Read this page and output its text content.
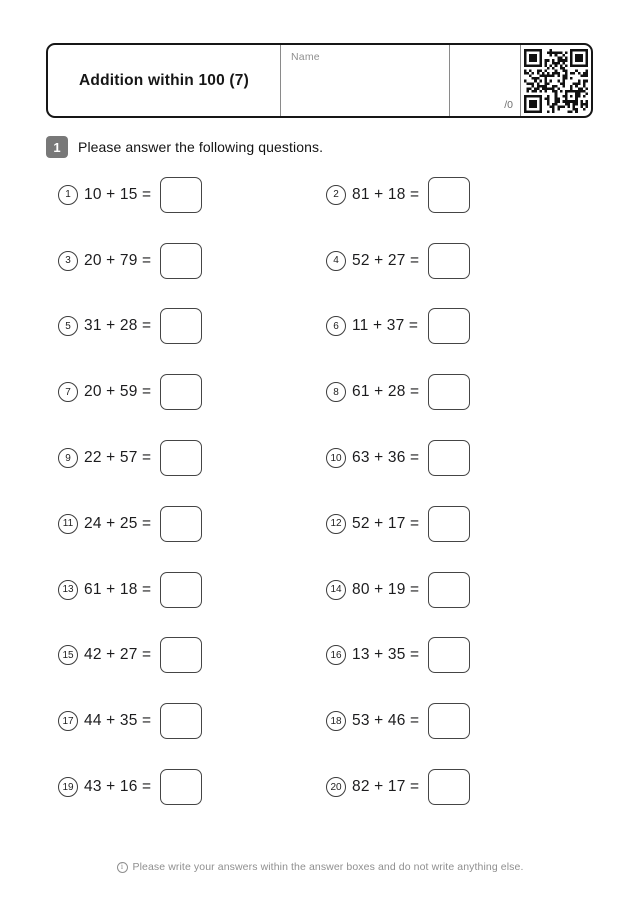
Addition within 100 (7)
Name
/0
1	Please answer the following questions.
1 10 + 15 =	2 81 + 18 =
3 20 + 79 =	4 52 + 27 =
5 31 + 28 =	6 11 + 37 =
7 20 + 59 =	8 61 + 28 =
9 22 + 57 =	10 63 + 36 =
11 24 + 25 =	12 52 + 17 =
13 61 + 18 =	14 80 + 19 =
15 42 + 27 =	16 13 + 35 =
17 44 + 35 =	18 53 + 46 =
19 43 + 16 =	20 82 + 17 =
i Please write your answers within the answer boxes and do not write anything else.
